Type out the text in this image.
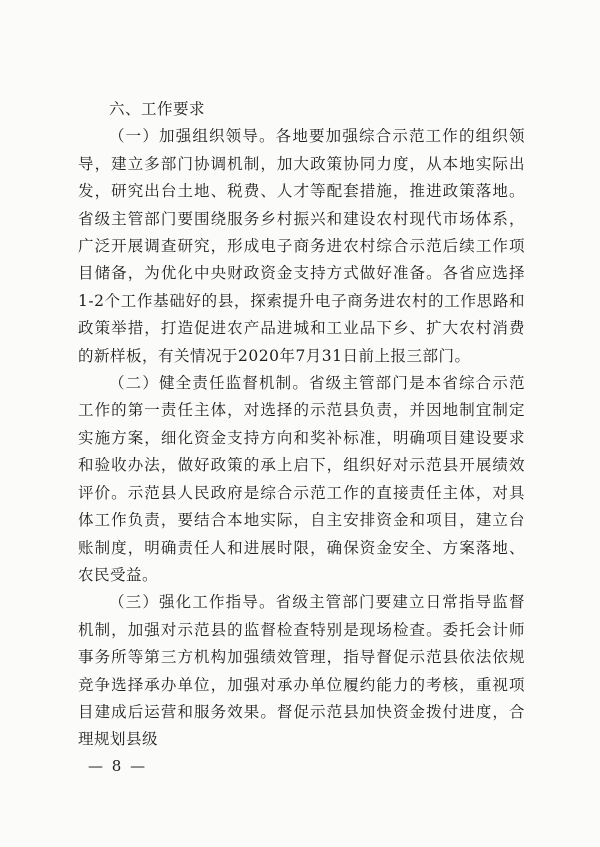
六、工作要求

（一）加强组织领导。各地要加强综合示范工作的组织领导，建立多部门协调机制，加大政策协同力度，从本地实际出发，研究出台土地、税费、人才等配套措施，推进政策落地。省级主管部门要围绕服务乡村振兴和建设农村现代市场体系，广泛开展调查研究，形成电子商务进农村综合示范后续工作项目储备，为优化中央财政资金支持方式做好准备。各省应选择1-2个工作基础好的县，探索提升电子商务进农村的工作思路和政策举措，打造促进农产品进城和工业品下乡、扩大农村消费的新样板，有关情况于2020年7月31日前上报三部门。

（二）健全责任监督机制。省级主管部门是本省综合示范工作的第一责任主体，对选择的示范县负责，并因地制宜制定实施方案，细化资金支持方向和奖补标准，明确项目建设要求和验收办法，做好政策的承上启下，组织好对示范县开展绩效评价。示范县人民政府是综合示范工作的直接责任主体，对具体工作负责，要结合本地实际，自主安排资金和项目，建立台账制度，明确责任人和进展时限，确保资金安全、方案落地、农民受益。

（三）强化工作指导。省级主管部门要建立日常指导监督机制，加强对示范县的监督检查特别是现场检查。委托会计师事务所等第三方机构加强绩效管理，指导督促示范县依法依规竞争选择承办单位，加强对承办单位履约能力的考核，重视项目建成后运营和服务效果。督促示范县加快资金拨付进度，合理规划县级

— 8 —
